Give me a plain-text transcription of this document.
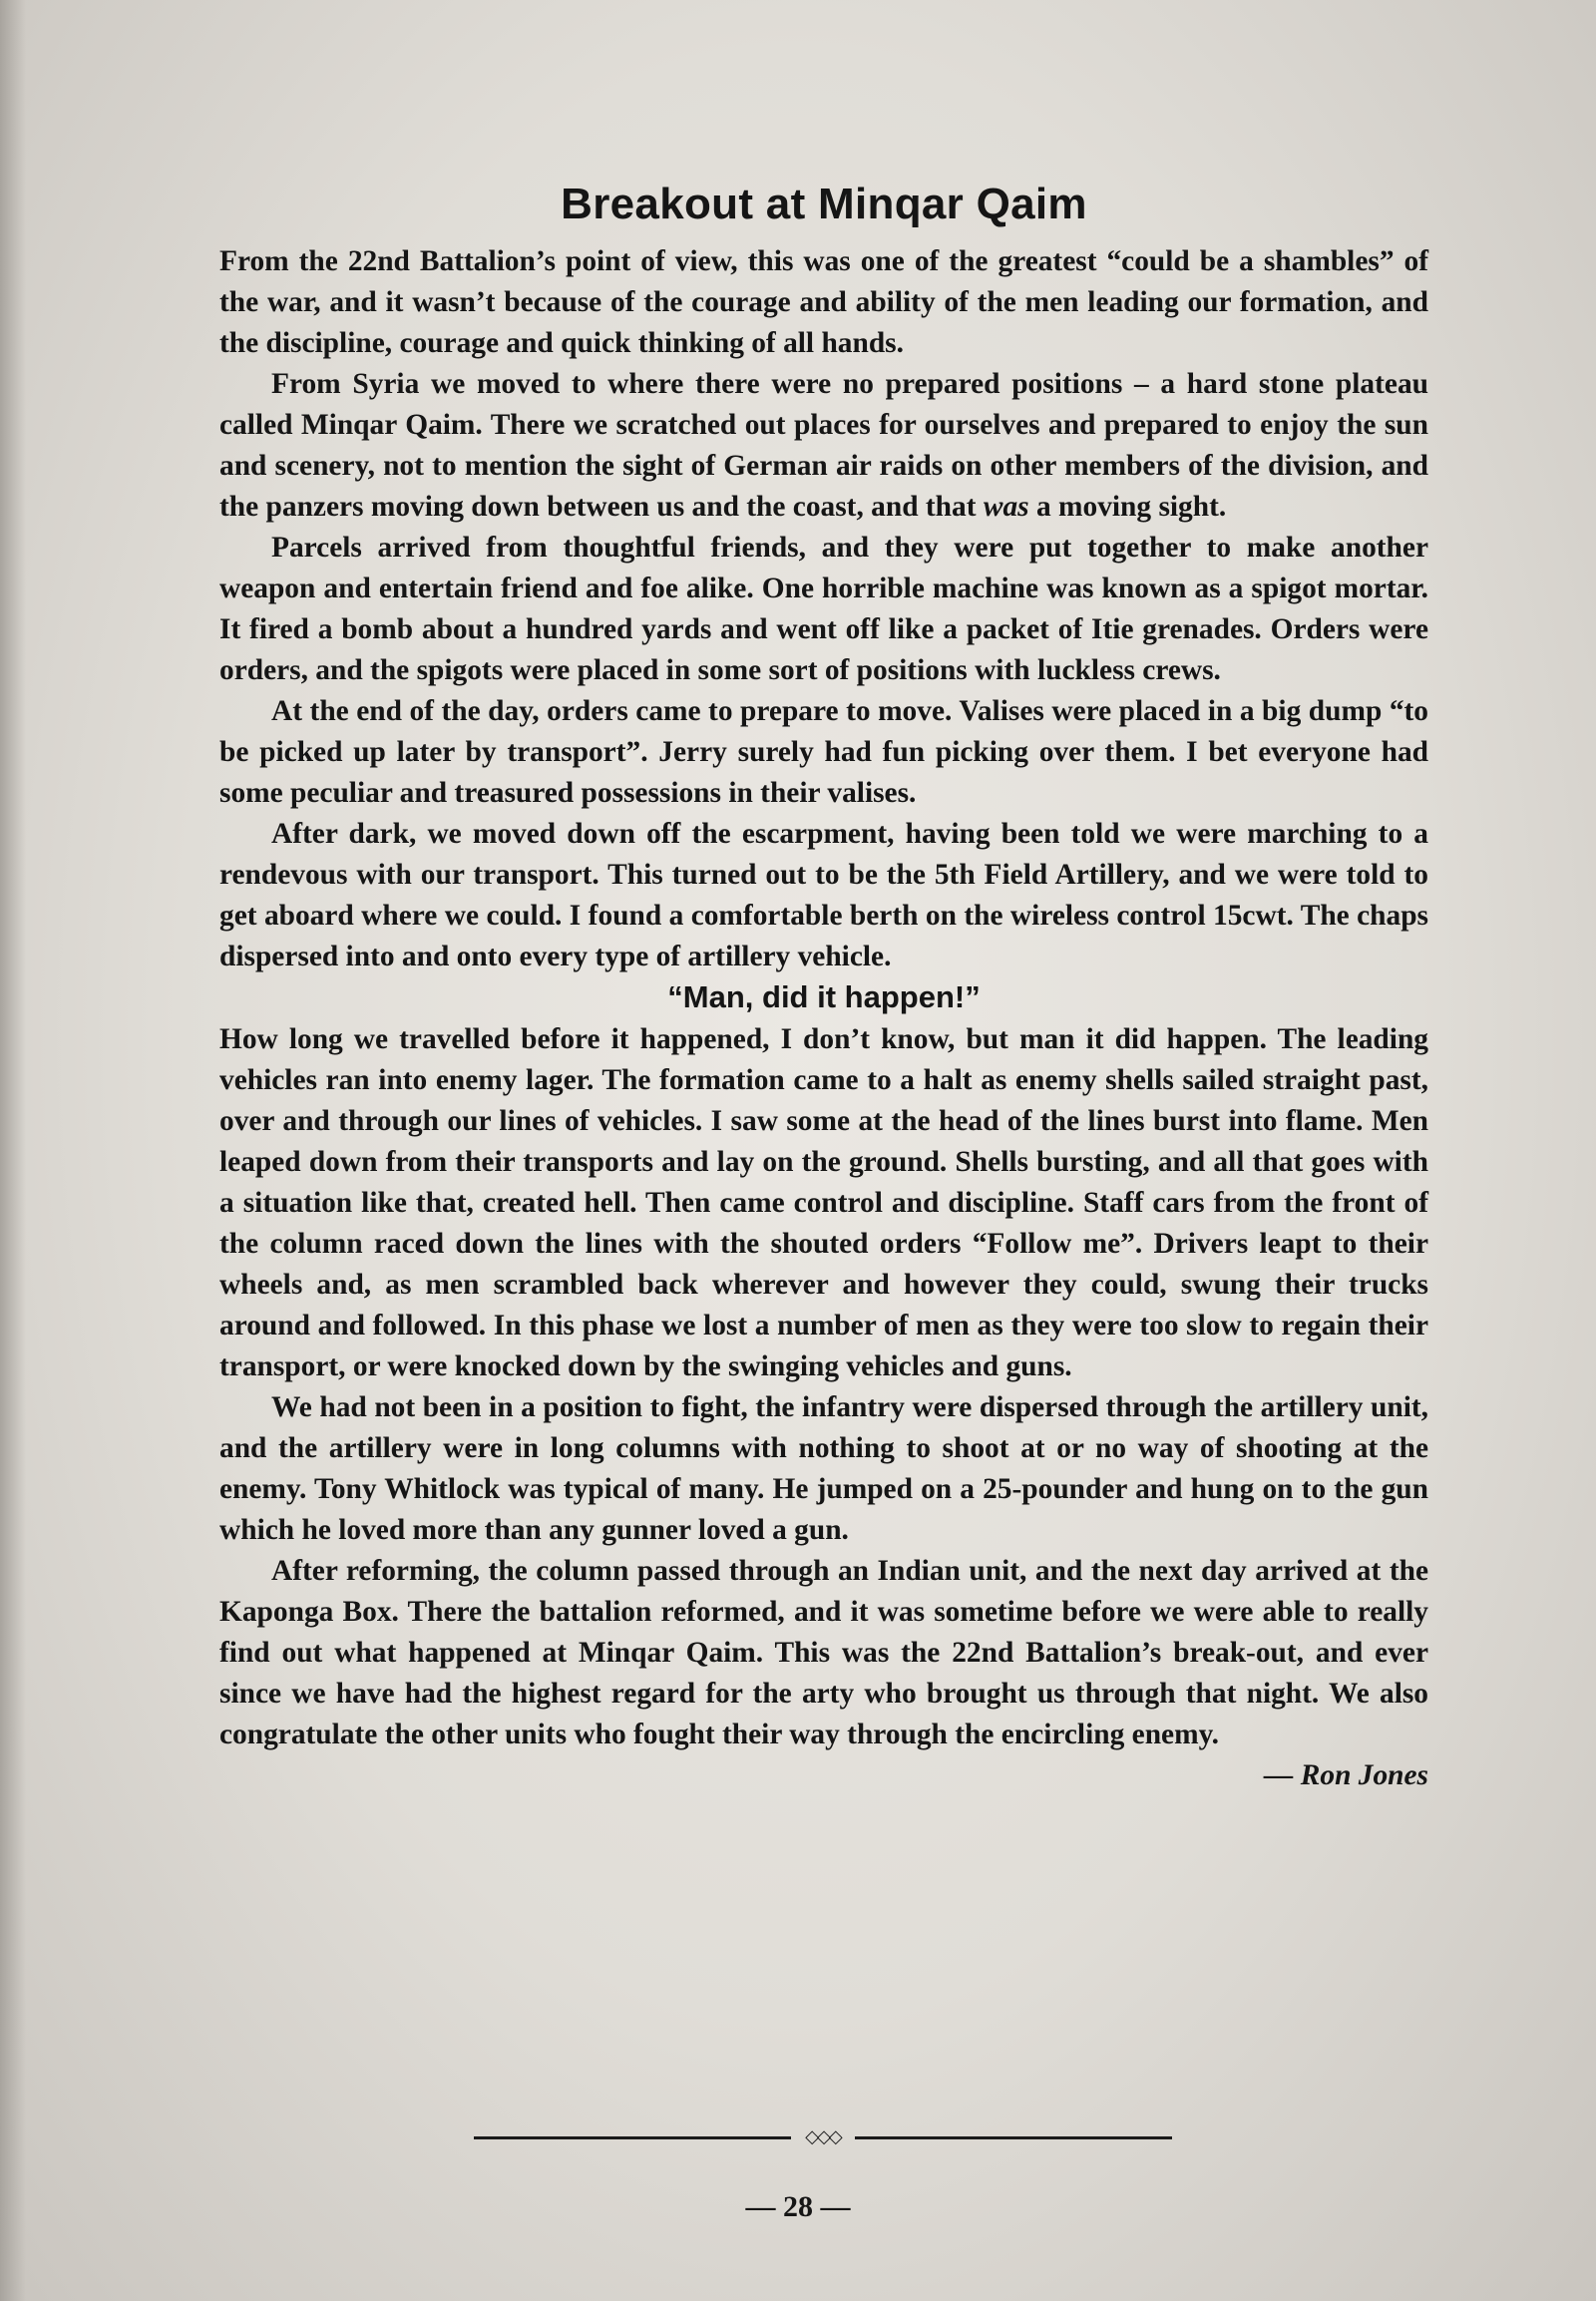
Breakout at Minqar Qaim

From the 22nd Battalion’s point of view, this was one of the greatest “could be a shambles” of the war, and it wasn’t because of the courage and ability of the men leading our formation, and the discipline, courage and quick thinking of all hands.

From Syria we moved to where there were no prepared positions – a hard stone plateau called Minqar Qaim. There we scratched out places for ourselves and prepared to enjoy the sun and scenery, not to mention the sight of German air raids on other members of the division, and the panzers moving down between us and the coast, and that was a moving sight.

Parcels arrived from thoughtful friends, and they were put together to make another weapon and entertain friend and foe alike. One horrible machine was known as a spigot mortar. It fired a bomb about a hundred yards and went off like a packet of Itie grenades. Orders were orders, and the spigots were placed in some sort of positions with luckless crews.

At the end of the day, orders came to prepare to move. Valises were placed in a big dump “to be picked up later by transport”. Jerry surely had fun picking over them. I bet everyone had some peculiar and treasured possessions in their valises.

After dark, we moved down off the escarpment, having been told we were marching to a rendevous with our transport. This turned out to be the 5th Field Artillery, and we were told to get aboard where we could. I found a comfortable berth on the wireless control 15cwt. The chaps dispersed into and onto every type of artillery vehicle.

“Man, did it happen!”

How long we travelled before it happened, I don’t know, but man it did happen. The leading vehicles ran into enemy lager. The formation came to a halt as enemy shells sailed straight past, over and through our lines of vehicles. I saw some at the head of the lines burst into flame. Men leaped down from their transports and lay on the ground. Shells bursting, and all that goes with a situation like that, created hell. Then came control and discipline. Staff cars from the front of the column raced down the lines with the shouted orders “Follow me”. Drivers leapt to their wheels and, as men scrambled back wherever and however they could, swung their trucks around and followed. In this phase we lost a number of men as they were too slow to regain their transport, or were knocked down by the swinging vehicles and guns.

We had not been in a position to fight, the infantry were dispersed through the artillery unit, and the artillery were in long columns with nothing to shoot at or no way of shooting at the enemy. Tony Whitlock was typical of many. He jumped on a 25-pounder and hung on to the gun which he loved more than any gunner loved a gun.

After reforming, the column passed through an Indian unit, and the next day arrived at the Kaponga Box. There the battalion reformed, and it was sometime before we were able to really find out what happened at Minqar Qaim. This was the 22nd Battalion’s break-out, and ever since we have had the highest regard for the arty who brought us through that night. We also congratulate the other units who fought their way through the encircling enemy.

— Ron Jones

◇◇◇
— 28 —
